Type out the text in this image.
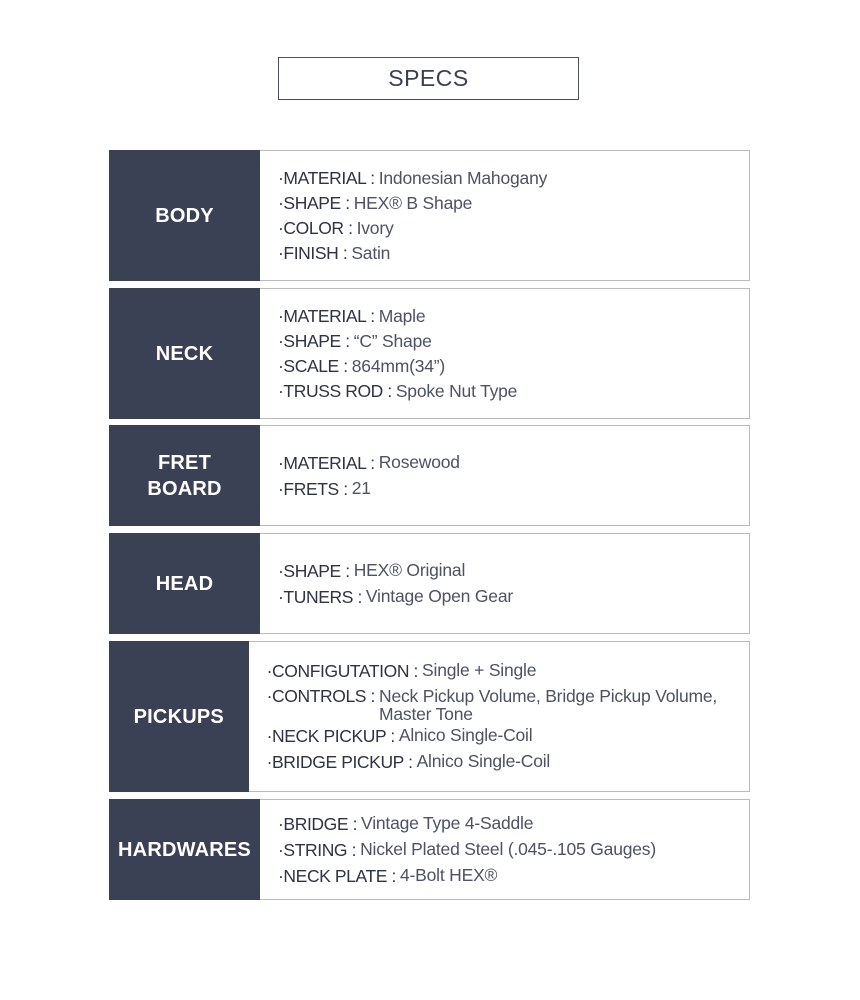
SPECS
BODY
·MATERIAL : Indonesian Mahogany
·SHAPE : HEX® B Shape
·COLOR : Ivory
·FINISH : Satin
NECK
·MATERIAL : Maple
·SHAPE : “C” Shape
·SCALE : 864mm(34”)
·TRUSS ROD : Spoke Nut Type
FRET
BOARD
·MATERIAL : Rosewood
·FRETS : 21
HEAD
·SHAPE : HEX® Original
·TUNERS : Vintage Open Gear
PICKUPS
·CONFIGUTATION : Single + Single
·CONTROLS : Neck Pickup Volume, Bridge Pickup Volume, Master Tone
·NECK PICKUP : Alnico Single-Coil
·BRIDGE PICKUP : Alnico Single-Coil
HARDWARES
·BRIDGE : Vintage Type 4-Saddle
·STRING : Nickel Plated Steel (.045-.105 Gauges)
·NECK PLATE : 4-Bolt HEX®
